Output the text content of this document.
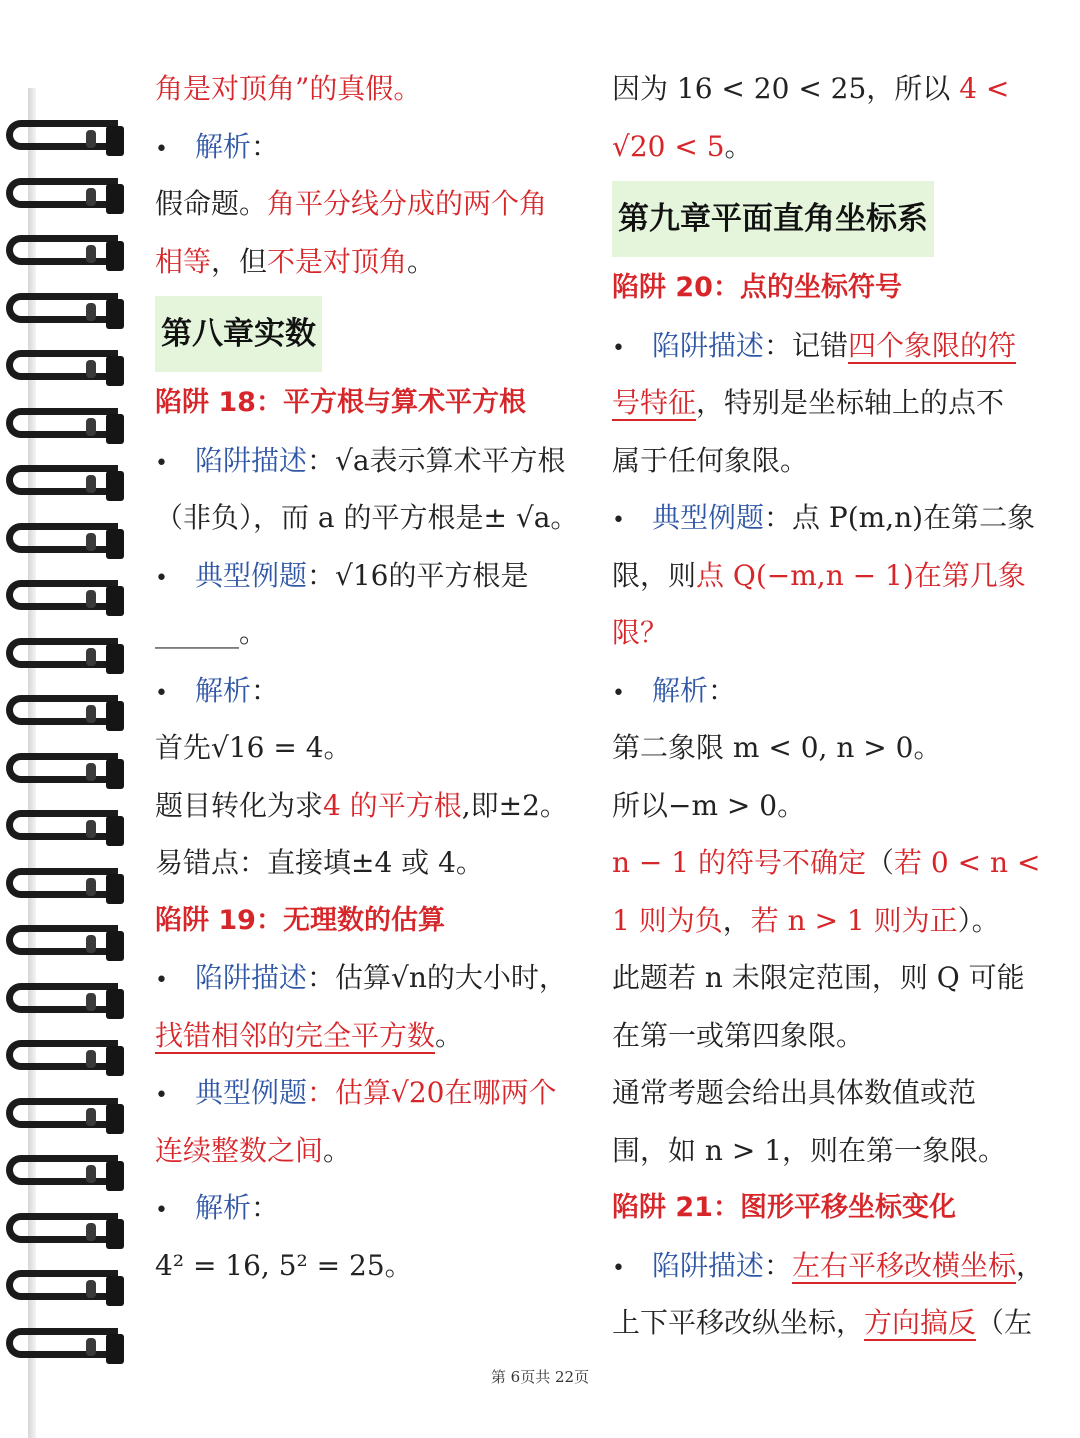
角是对顶角”的真假。
• 解析：
假命题。角平分线分成的两个角
相等，但不是对顶角。
第八章实数
陷阱 18：平方根与算术平方根
• 陷阱描述：√a表示算术平方根
（非负），而 a 的平方根是± √a。
• 典型例题：√16的平方根是
______。
• 解析：
首先√16 = 4。
题目转化为求4 的平方根,即±2。
易错点：直接填±4 或 4。
陷阱 19：无理数的估算
• 陷阱描述：估算√n的大小时，
找错相邻的完全平方数。
• 典型例题：估算√20在哪两个
连续整数之间。
• 解析：
4² = 16, 5² = 25。
因为 16 < 20 < 25，所以 4 <
√20 < 5。
第九章平面直角坐标系
陷阱 20：点的坐标符号
• 陷阱描述：记错四个象限的符
号特征，特别是坐标轴上的点不
属于任何象限。
• 典型例题：点 P(m,n)在第二象
限，则点 Q(−m,n − 1)在第几象
限？
• 解析：
第二象限 m < 0, n > 0。
所以−m > 0。
n − 1 的符号不确定（若 0 < n <
1 则为负，若 n > 1 则为正）。
此题若 n 未限定范围，则 Q 可能
在第一或第四象限。
通常考题会给出具体数值或范
围，如 n > 1，则在第一象限。
陷阱 21：图形平移坐标变化
• 陷阱描述：左右平移改横坐标，
上下平移改纵坐标，方向搞反（左
第 6页共 22页
